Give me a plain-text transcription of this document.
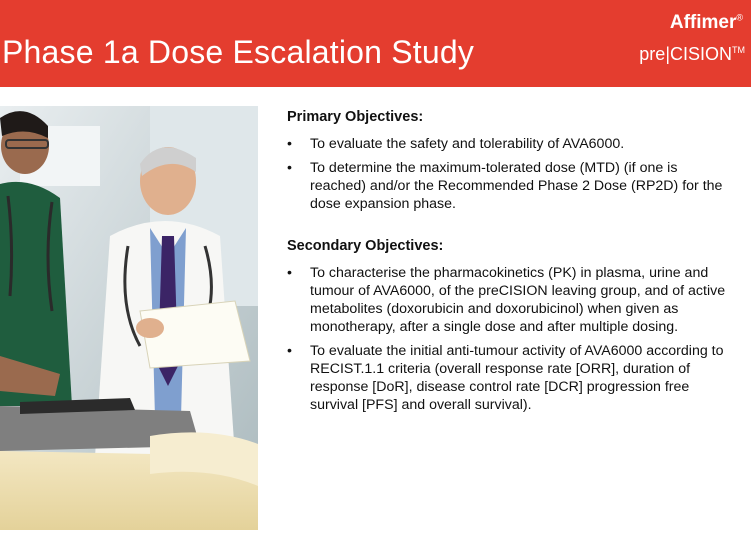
Phase 1a Dose Escalation Study
Affimer®
pre|CISION™
Primary Objectives:
• To evaluate the safety and tolerability of AVA6000.
• To determine the maximum-tolerated dose (MTD) (if one is reached) and/or the Recommended Phase 2 Dose (RP2D) for the dose expansion phase.
Secondary Objectives:
• To characterise the pharmacokinetics (PK) in plasma, urine and tumour of AVA6000, of the preCISION leaving group, and of active metabolites (doxorubicin and doxorubicinol) when given as monotherapy, after a single dose and after multiple dosing.
• To evaluate the initial anti-tumour activity of AVA6000 according to RECIST.1.1 criteria (overall response rate [ORR], duration of response [DoR], disease control rate [DCR] progression free survival [PFS] and overall survival).
